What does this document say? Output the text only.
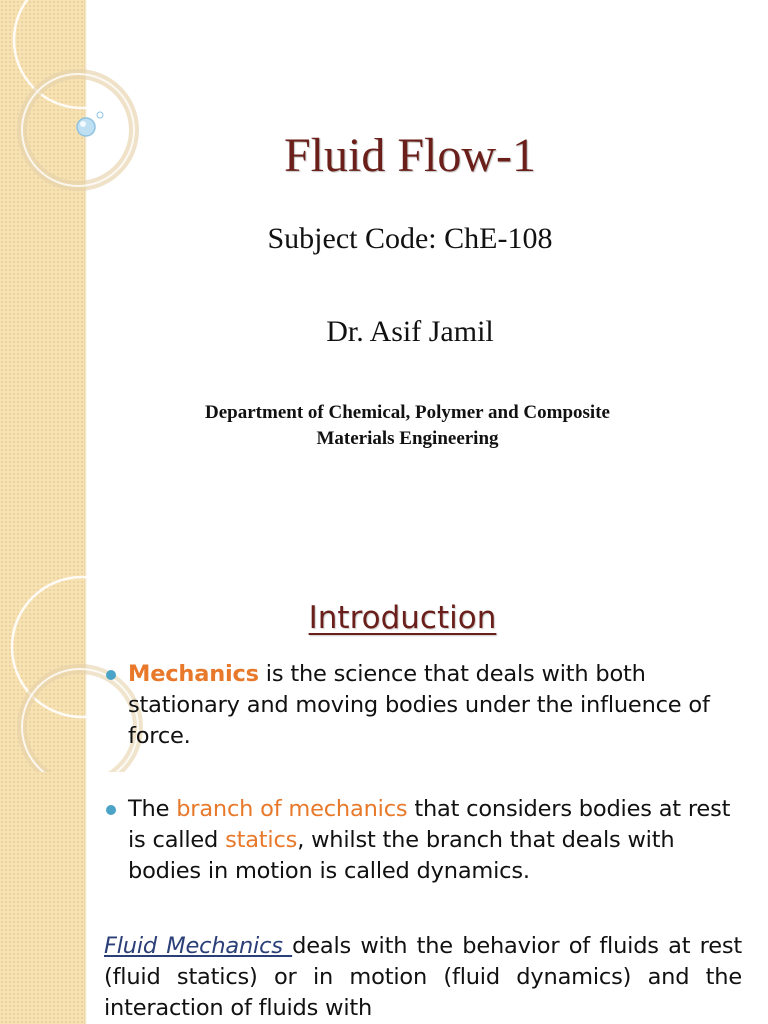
Fluid Flow-1
Subject Code: ChE-108
Dr. Asif Jamil
Department of Chemical, Polymer and Composite
Materials Engineering
Introduction
Mechanics is the science that deals with both stationary and moving bodies under the influence of force.
The branch of mechanics that considers bodies at rest is called statics, whilst the branch that deals with bodies in motion is called dynamics.

Fluid Mechanics deals with the behavior of fluids at rest (fluid statics) or in motion (fluid dynamics) and the interaction of fluids with
